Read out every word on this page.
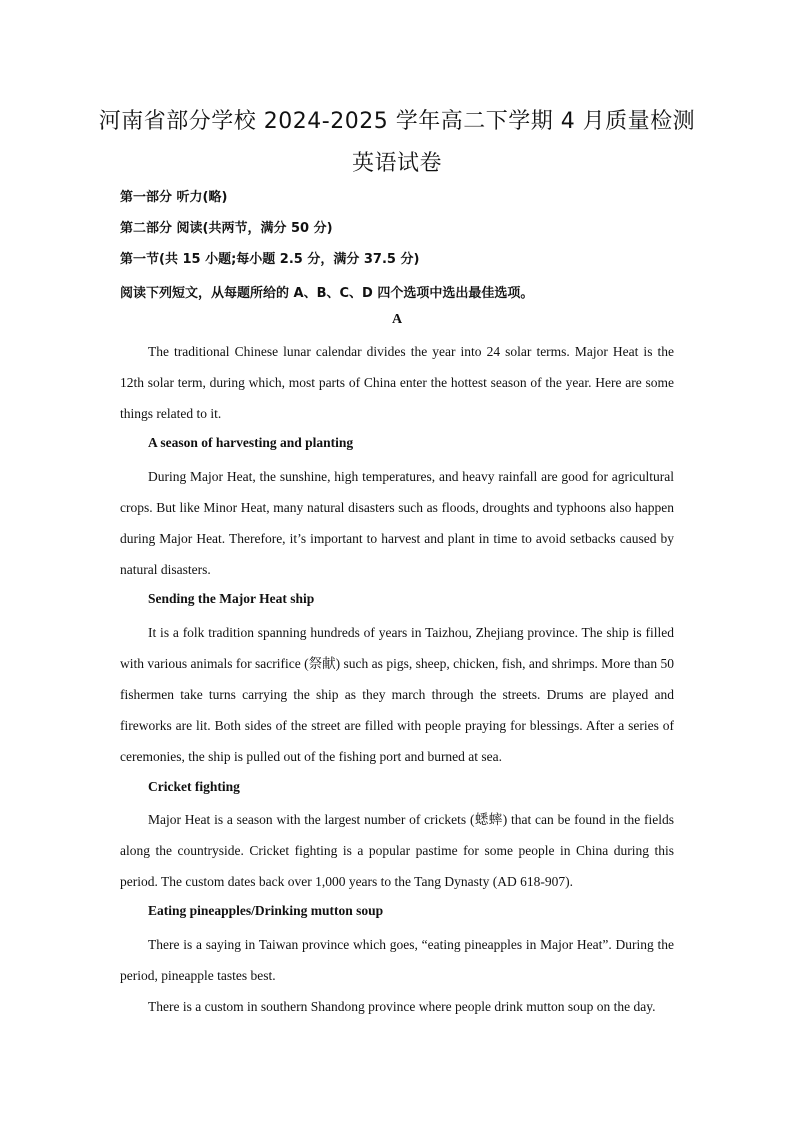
河南省部分学校 2024-2025 学年高二下学期 4 月质量检测
英语试卷
第一部分 听力(略)
第二部分 阅读(共两节，满分 50 分)
第一节(共 15 小题;每小题 2.5 分，满分 37.5 分)
阅读下列短文，从每题所给的 A、B、C、D 四个选项中选出最佳选项。
A

The traditional Chinese lunar calendar divides the year into 24 solar terms. Major Heat is the 12th solar term, during which, most parts of China enter the hottest season of the year. Here are some things related to it.

A season of harvesting and planting

During Major Heat, the sunshine, high temperatures, and heavy rainfall are good for agricultural crops. But like Minor Heat, many natural disasters such as floods, droughts and typhoons also happen during Major Heat. Therefore, it’s important to harvest and plant in time to avoid setbacks caused by natural disasters.

Sending the Major Heat ship

It is a folk tradition spanning hundreds of years in Taizhou, Zhejiang province. The ship is filled with various animals for sacrifice (祭献) such as pigs, sheep, chicken, fish, and shrimps. More than 50 fishermen take turns carrying the ship as they march through the streets. Drums are played and fireworks are lit. Both sides of the street are filled with people praying for blessings. After a series of ceremonies, the ship is pulled out of the fishing port and burned at sea.

Cricket fighting

Major Heat is a season with the largest number of crickets (蟋蟀) that can be found in the fields along the countryside. Cricket fighting is a popular pastime for some people in China during this period. The custom dates back over 1,000 years to the Tang Dynasty (AD 618-907).

Eating pineapples/Drinking mutton soup

There is a saying in Taiwan province which goes, “eating pineapples in Major Heat”. During the period, pineapple tastes best.

There is a custom in southern Shandong province where people drink mutton soup on the day.
